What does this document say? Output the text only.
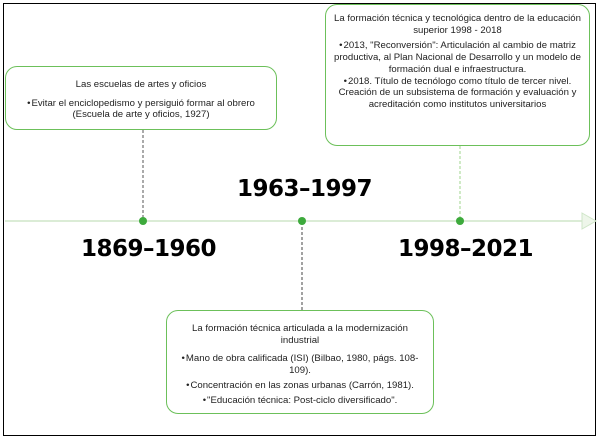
Las escuelas de artes y oficios

• Evitar el enciclopedismo y persiguió formar al obrero (Escuela de arte y oficios, 1927)

La formación técnica y tecnológica dentro de la educación superior 1998 - 2018

• 2013, "Reconversión": Articulación al cambio de matriz productiva, al Plan Nacional de Desarrollo y un modelo de formación dual e infraestructura.
• 2018. Título de tecnólogo como título de tercer nivel. Creación de un subsistema de formación y evaluación y acreditación como institutos universitarios

La formación técnica articulada a la modernización industrial

• Mano de obra calificada (ISI) (Bilbao, 1980, págs. 108-109).
• Concentración en las zonas urbanas (Carrón, 1981).
• "Educación técnica: Post-ciclo diversificado".
1869–1960
1963–1997
1998–2021
